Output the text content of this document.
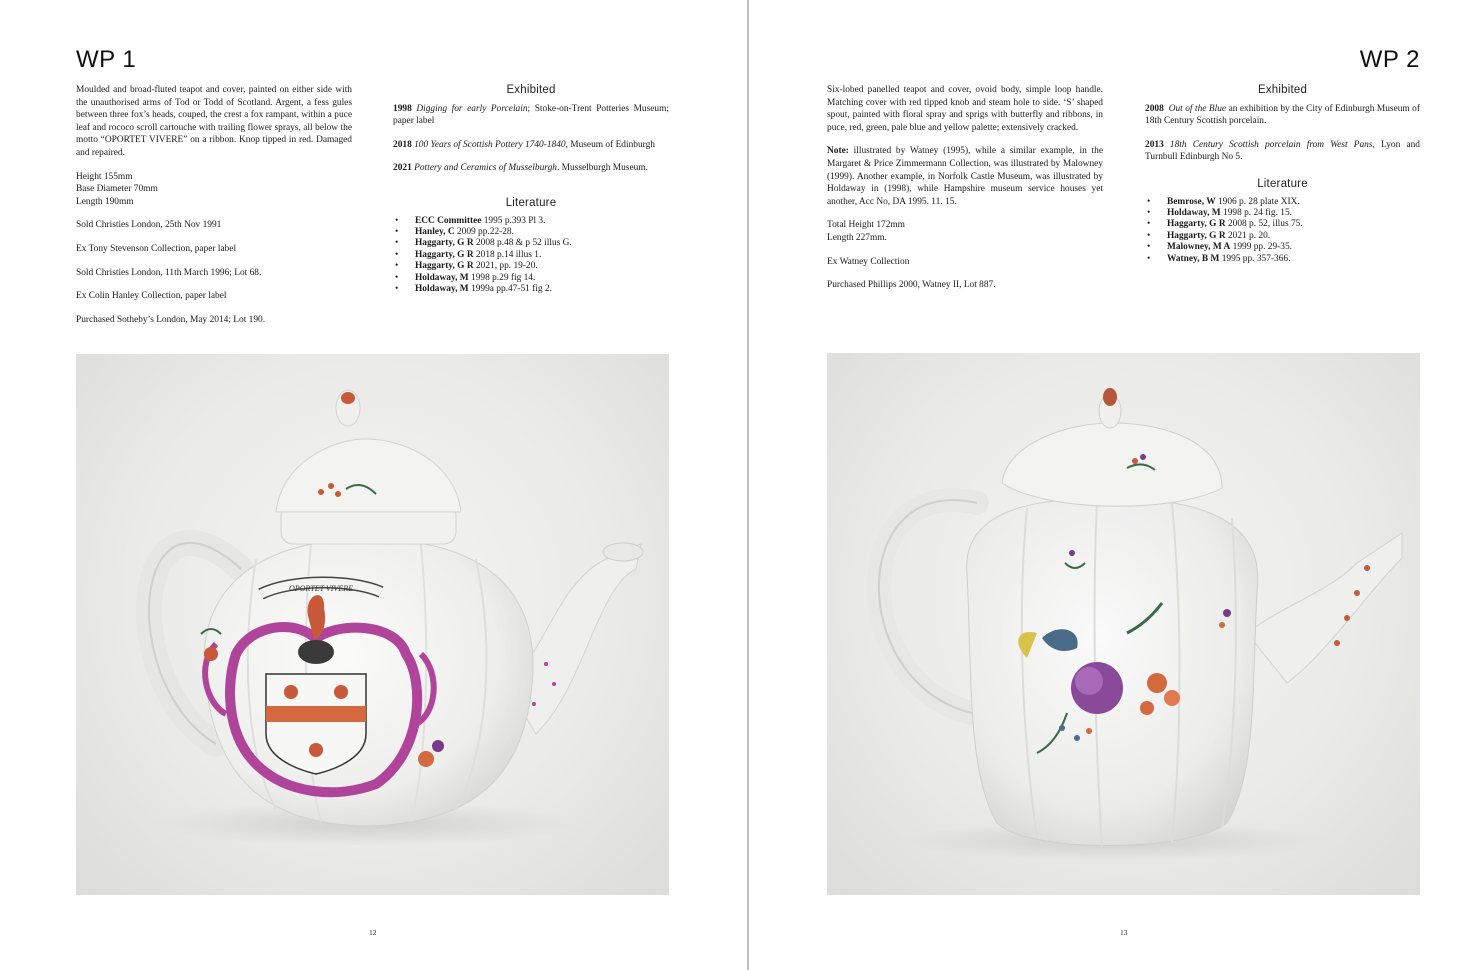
WP 1

Moulded and broad-fluted teapot and cover, painted on either side with the unauthorised arms of Tod or Todd of Scotland. Argent, a fess gules between three fox’s heads, couped, the crest a fox rampant, within a puce leaf and rococo scroll cartouche with trailing flower sprays, all below the motto “OPORTET VIVERE” on a ribbon. Knop tipped in red. Damaged and repaired.

Height 155mm

Base Diameter 70mm

Length 190mm

Sold Christies London, 25th Nov 1991

Ex Tony Stevenson Collection, paper label

Sold Christies London, 11th March 1996; Lot 68.

Ex Colin Hanley Collection, paper label

Purchased Sotheby’s London, May 2014; Lot 190.

Exhibited

1998 Digging for early Porcelain; Stoke-on-Trent Potteries Museum; paper label

2018 100 Years of Scottish Pottery 1740-1840, Museum of Edinburgh

2021 Pottery and Ceramics of Musselburgh. Musselburgh Museum.

Literature
• ECC Committee 1995 p.393 Pl 3.
• Hanley, C 2009 pp.22-28.
• Haggarty, G R 2008 p.48 & p 52 illus G.
• Haggarty, G R 2018 p.14 illus 1.
• Haggarty, G R 2021, pp. 19-20.
• Holdaway, M 1998 p.29 fig 14.
• Holdaway, M 1999a pp.47-51 fig 2.
OPORTET VIVERE
12
WP 2

Six-lobed panelled teapot and cover, ovoid body, simple loop handle. Matching cover with red tipped knob and steam hole to side. ‘S’ shaped spout, painted with floral spray and sprigs with butterfly and ribbons, in puce, red, green, pale blue and yellow palette; extensively cracked.

Note: illustrated by Watney (1995), while a similar example, in the Margaret & Price Zimmermann Collection, was illustrated by Malowney (1999). Another example, in Norfolk Castle Museum, was illustrated by Holdaway in (1998), while Hampshire museum service houses yet another, Acc No, DA 1995. 11. 15.

Total Height 172mm

Length 227mm.

Ex Watney Collection

Purchased Phillips 2000, Watney II, Lot 887.

Exhibited

2008 Out of the Blue an exhibition by the City of Edinburgh Museum of 18th Century Scottish porcelain.

2013 18th Century Scottish porcelain from West Pans, Lyon and Turnbull Edinburgh No 5.

Literature
• Bemrose, W 1906 p. 28 plate XIX.
• Holdaway, M 1998 p. 24 fig. 15.
• Haggarty, G R 2008 p. 52, illus 75.
• Haggarty, G R 2021 p. 20.
• Malowney, M A 1999 pp. 29-35.
• Watney, B M 1995 pp. 357-366.
13
